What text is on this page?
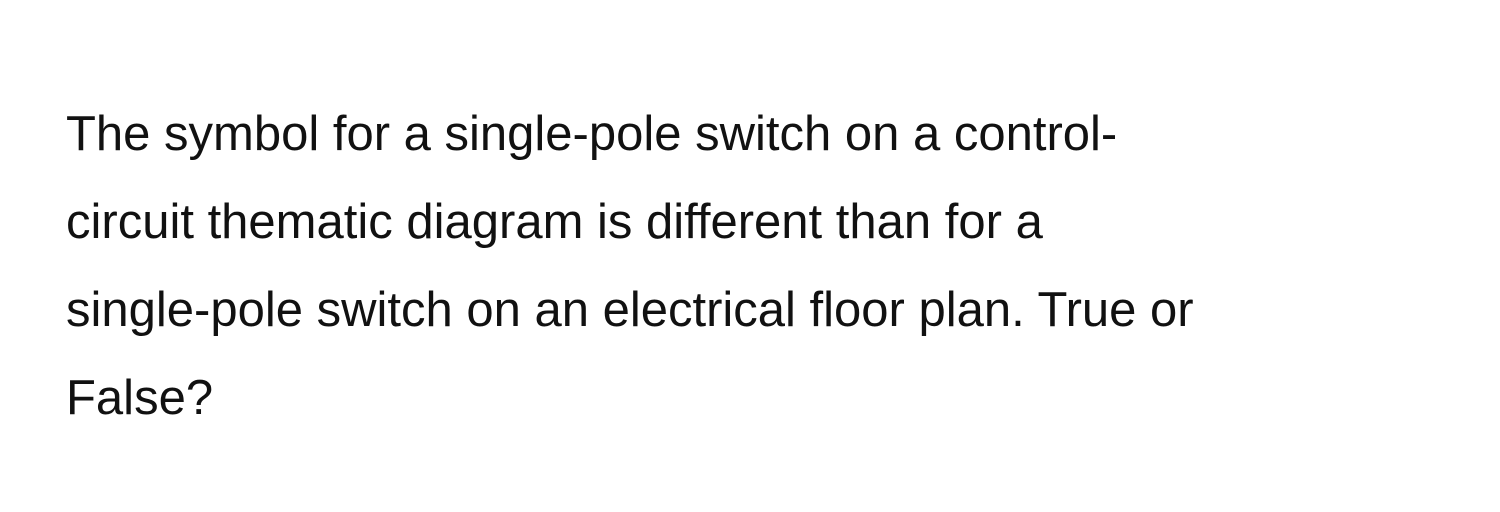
The symbol for a single-pole switch on a control-
circuit thematic diagram is different than for a
single-pole switch on an electrical floor plan. True or
False?
